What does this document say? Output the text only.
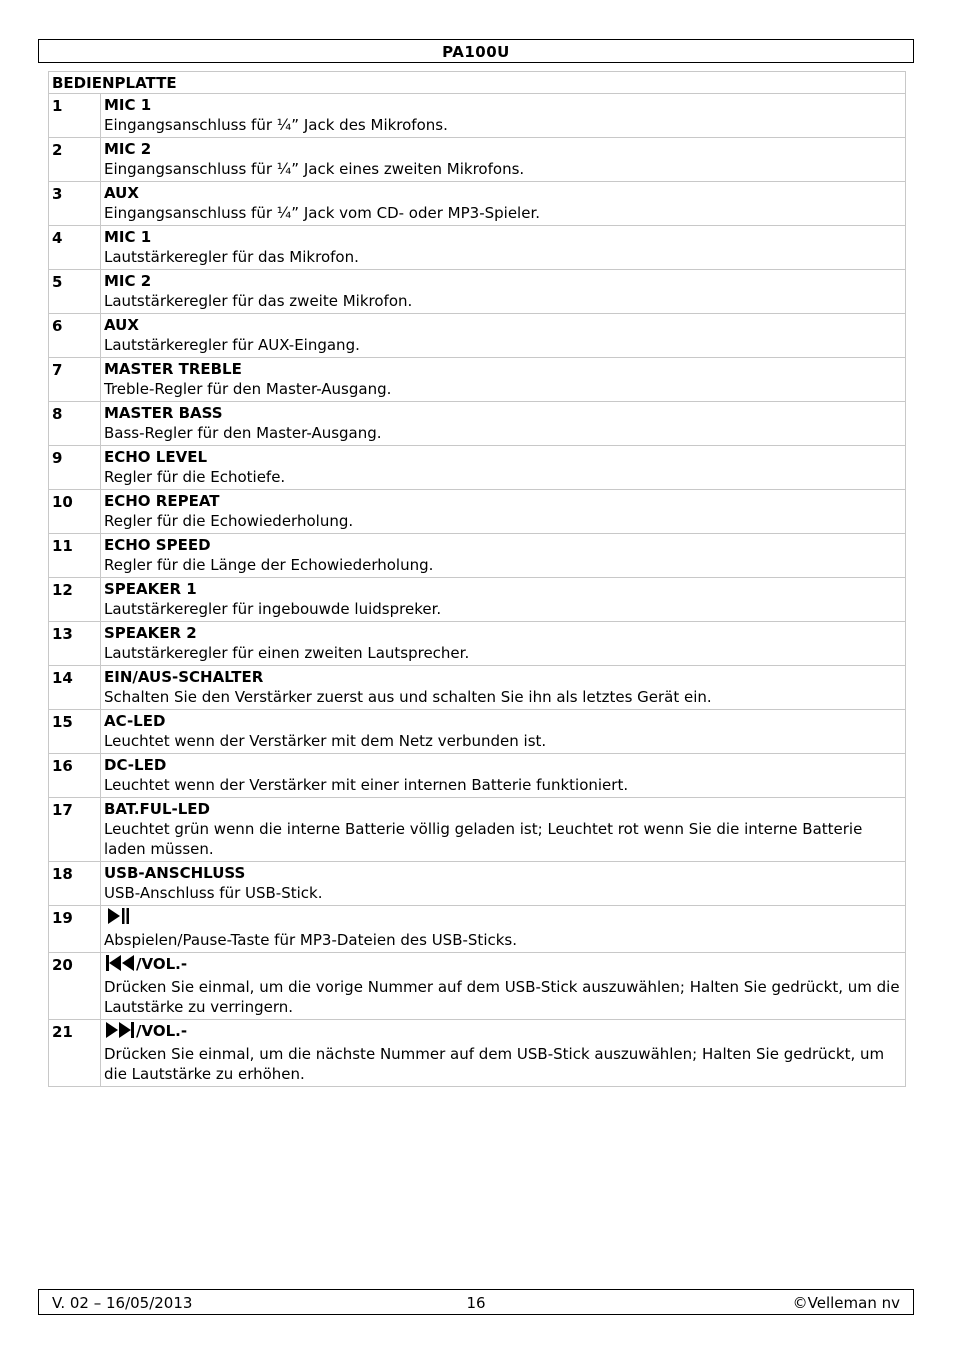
PA100U
BEDIENPLATTE	
1	MIC 1
Eingangsanschluss für ¼” Jack des Mikrofons.

2	MIC 2
Eingangsanschluss für ¼” Jack eines zweiten Mikrofons.

3	AUX
Eingangsanschluss für ¼” Jack vom CD- oder MP3-Spieler.

4	MIC 1
Lautstärkeregler für das Mikrofon.

5	MIC 2
Lautstärkeregler für das zweite Mikrofon.

6	AUX
Lautstärkeregler für AUX-Eingang.

7	MASTER TREBLE
Treble-Regler für den Master-Ausgang.

8	MASTER BASS
Bass-Regler für den Master-Ausgang.

9	ECHO LEVEL
Regler für die Echotiefe.

10	ECHO REPEAT
Regler für die Echowiederholung.

11	ECHO SPEED
Regler für die Länge der Echowiederholung.

12	SPEAKER 1
Lautstärkeregler für ingebouwde luidspreker.

13	SPEAKER 2
Lautstärkeregler für einen zweiten Lautsprecher.

14	EIN/AUS-SCHALTER
Schalten Sie den Verstärker zuerst aus und schalten Sie ihn als letztes Gerät ein.

15	AC-LED
Leuchtet wenn der Verstärker mit dem Netz verbunden ist.

16	DC-LED
Leuchtet wenn der Verstärker mit einer internen Batterie funktioniert.

17	BAT.FUL-LED
Leuchtet grün wenn die interne Batterie völlig geladen ist; Leuchtet rot wenn Sie die interne Batterie laden müssen.

18	USB-ANSCHLUSS
USB-Anschluss für USB-Stick.

19	Abspielen/Pause-Taste für MP3-Dateien des USB-Sticks.

20	/VOL.-
Drücken Sie einmal, um die vorige Nummer auf dem USB-Stick auszuwählen; Halten Sie gedrückt, um die Lautstärke zu verringern.

21	/VOL.-
Drücken Sie einmal, um die nächste Nummer auf dem USB-Stick auszuwählen; Halten Sie gedrückt, um die Lautstärke zu erhöhen.
V. 02 – 16/05/2013	16	©Velleman nv
